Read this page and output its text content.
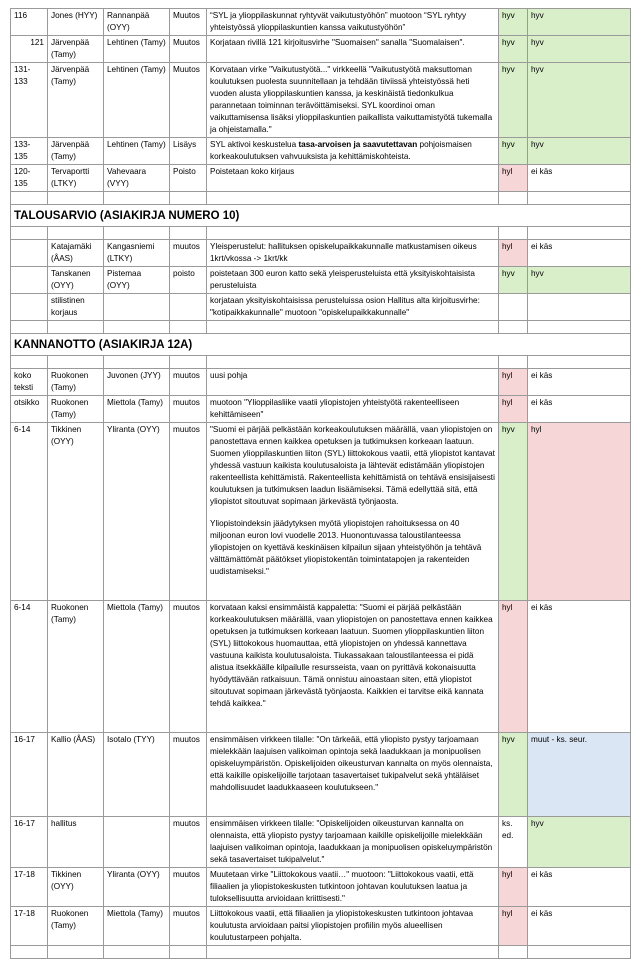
116	Jones (HYY)	Rannanpää (OYY)	Muutos	“SYL ja ylioppilaskunnat ryhtyvät vaikutustyöhön” muotoon “SYL ryhtyy yhteistyössä ylioppilaskuntien kanssa vaikutustyöhön”	hyv	hyv
121	Järvenpää (Tamy)	Lehtinen (Tamy)	Muutos	Korjataan rivillä 121 kirjoitusvirhe "Suomaisen" sanalla "Suomalaisen".	hyv	hyv
131-133	Järvenpää (Tamy)	Lehtinen (Tamy)	Muutos	Korvataan virke "Vaikutustyötä..." virkkeellä "Vaikutustyötä maksuttoman koulutuksen puolesta suunnitellaan ja tehdään tiiviissä yhteistyössä heti vuoden alusta ylioppilaskuntien kanssa, ja keskinäistä tiedonkulkua parannetaan toiminnan terävöittämiseksi. SYL koordinoi oman vaikuttamisensa lisäksi ylioppilaskuntien paikallista vaikuttamistyötä tukemalla ja ohjeistamalla."	hyv	hyv
133-135	Järvenpää (Tamy)	Lehtinen (Tamy)	Lisäys	SYL aktivoi keskustelua tasa-arvoisen ja saavutettavan pohjoismaisen korkeakoulutuksen vahvuuksista ja kehittämiskohteista.	hyv	hyv
120-135	Tervaportti (LTKY)	Vahevaara (VYY)	Poisto	Poistetaan koko kirjaus	hyl	ei käs

TALOUSARVIO (ASIAKIRJA NUMERO 10)						

	Katajamäki (ÅAS)	Kangasniemi (LTKY)	muutos	Yleisperustelut: hallituksen opiskelupaikkakunnalle matkustamisen oikeus 1krt/vkossa -> 1krt/kk	hyl	ei käs
	Tanskanen (OYY)	Pistemaa (OYY)	poisto	poistetaan 300 euron katto sekä yleisperusteluista että yksityiskohtaisista perusteluista	hyv	hyv
	stilistinen korjaus			korjataan yksityiskohtaisissa perusteluissa osion Hallitus alta kirjoitusvirhe: "kotipaikkakunnalle" muotoon "opiskelupaikkakunnalle"		

KANNANOTTO (ASIAKIRJA 12A)						

koko teksti	Ruokonen (Tamy)	Juvonen (JYY)	muutos	uusi pohja	hyl	ei käs
otsikko	Ruokonen (Tamy)	Miettola (Tamy)	muutos	muotoon "Ylioppilasliike vaatii yliopistojen yhteistyötä rakenteelliseen kehittämiseen"	hyl	ei käs
6-14	Tikkinen (OYY)	Yliranta (OYY)	muutos	"Suomi ei pärjää pelkästään korkeakoulutuksen määrällä, vaan yliopistojen on panostettava ennen kaikkea opetuksen ja tutkimuksen korkeaan laatuun. Suomen ylioppilaskuntien liiton (SYL) liittokokous vaatii, että yliopistot kantavat yhdessä vastuun kaikista koulutusaloista ja lähtevät edistämään yliopistojen rakenteellista kehittämistä. Rakenteellista kehittämistä on tehtävä ensisijaisesti koulutuksen ja tutkimuksen laadun lisäämiseksi. Tämä edellyttää sitä, että yliopistot sitoutuvat sopimaan järkevästä työnjaosta.

Yliopistoindeksin jäädytyksen myötä yliopistojen rahoituksessa on 40 miljoonan euron lovi vuodelle 2013. Huonontuvassa taloustilanteessa yliopistojen on kyettävä keskinäisen kilpailun sijaan yhteistyöhön ja tehtävä välttämättömät päätökset yliopistokentän toimintatapojen ja rakenteiden uudistamiseksi."	hyv	hyl
6-14	Ruokonen (Tamy)	Miettola (Tamy)	muutos	korvataan kaksi ensimmäistä kappaletta: "Suomi ei pärjää pelkästään korkeakoulutuksen määrällä, vaan yliopistojen on panostettava ennen kaikkea opetuksen ja tutkimuksen korkeaan laatuun. Suomen ylioppilaskuntien liiton (SYL) liittokokous huomauttaa, että yliopistojen on yhdessä kannettava vastuuna kaikista koulutusaloista. Tiukassakaan taloustilanteessa ei pidä alistua itsekkäälle kilpailulle resursseista, vaan on pyrittävä kokonaisuutta hyödyttävään ratkaisuun. Tämä onnistuu ainoastaan siten, että yliopistot sitoutuvat sopimaan järkevästä työnjaosta. Kaikkien ei tarvitse eikä kannata tehdä kaikkea."	hyl	ei käs
16-17	Kallio (ÅAS)	Isotalo (TYY)	muutos	ensimmäisen virkkeen tilalle: "On tärkeää, että yliopisto pystyy tarjoamaan mielekkään laajuisen valikoiman opintoja sekä laadukkaan ja monipuolisen opiskeluympäristön. Opiskelijoiden oikeusturvan kannalta on myös olennaista, että kaikille opiskelijoille tarjotaan tasavertaiset tukipalvelut sekä yhtäläiset mahdollisuudet laadukkaaseen koulutukseen."	hyv	muut - ks. seur.
16-17	hallitus		muutos	ensimmäisen virkkeen tilalle: "Opiskelijoiden oikeusturvan kannalta on olennaista, että yliopisto pystyy tarjoamaan kaikille opiskelijoille mielekkään laajuisen valikoiman opintoja, laadukkaan ja monipuolisen opiskeluympäristön sekä tasavertaiset tukipalvelut."	ks. ed.	hyv
17-18	Tikkinen (OYY)	Yliranta (OYY)	muutos	Muutetaan virke "Liittokokous vaatii…" muotoon: "Liittokokous vaatii, että filiaalien ja yliopistokeskusten tutkintoon johtavan koulutuksen laatua ja tuloksellisuutta arvioidaan kriittisesti."	hyl	ei käs
17-18	Ruokonen (Tamy)	Miettola (Tamy)	muutos	Liittokokous vaatii, että filiaalien ja yliopistokeskusten tutkintoon johtavaa koulutusta arvioidaan paitsi yliopistojen profiilin myös alueellisen koulutustarpeen pohjalta.	hyl	ei käs
